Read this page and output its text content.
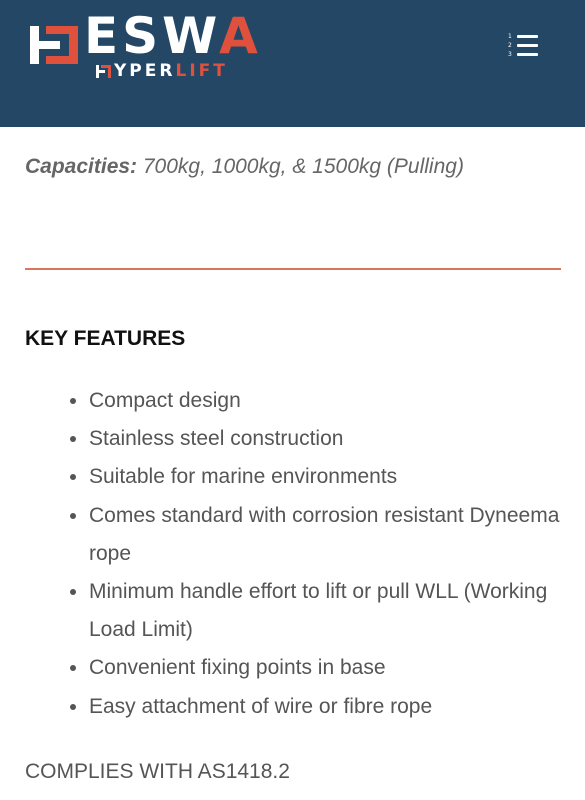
ESWA
YPER LIFT
1
2
3
Capacities: 700kg, 1000kg, & 1500kg (Pulling)
KEY FEATURES
• Compact design
• Stainless steel construction
• Suitable for marine environments
• Comes standard with corrosion resistant Dyneema rope
• Minimum handle effort to lift or pull WLL (Working Load Limit)
• Convenient fixing points in base
• Easy attachment of wire or fibre rope
COMPLIES WITH AS1418.2
